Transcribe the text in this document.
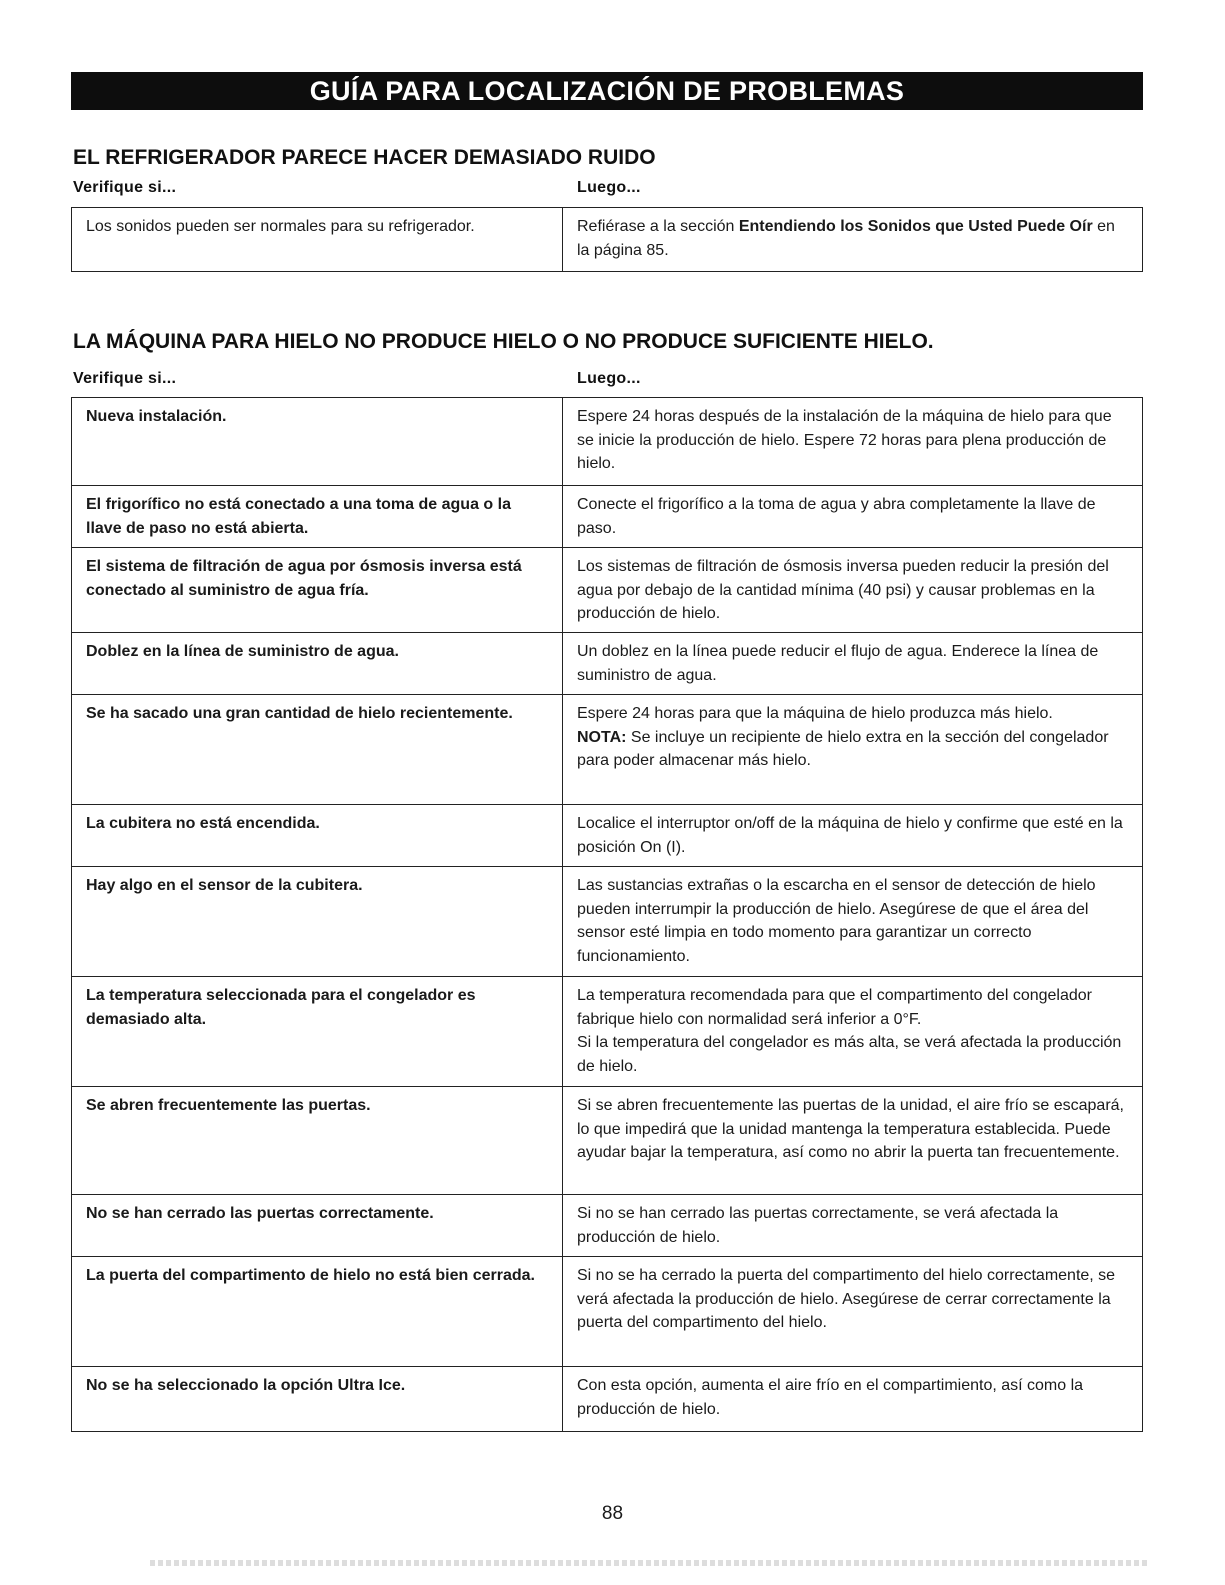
GUÍA PARA LOCALIZACIÓN DE PROBLEMAS
EL REFRIGERADOR PARECE HACER DEMASIADO RUIDO
Verifique si...	Luego...
Los sonidos pueden ser normales para su refrigerador.	Refiérase a la sección Entendiendo los Sonidos que Usted Puede Oír en la página 85.
LA MÁQUINA PARA HIELO NO PRODUCE HIELO O NO PRODUCE SUFICIENTE HIELO.
Verifique si...	Luego...
Nueva instalación.	Espere 24 horas después de la instalación de la máquina de hielo para que se inicie la producción de hielo. Espere 72 horas para plena producción de hielo.
El frigorífico no está conectado a una toma de agua o la llave de paso no está abierta.	Conecte el frigorífico a la toma de agua y abra completamente la llave de paso.
El sistema de filtración de agua por ósmosis inversa está conectado al suministro de agua fría.	Los sistemas de filtración de ósmosis inversa pueden reducir la presión del agua por debajo de la cantidad mínima (40 psi) y causar problemas en la producción de hielo.
Doblez en la línea de suministro de agua.	Un doblez en la línea puede reducir el flujo de agua. Enderece la línea de suministro de agua.
Se ha sacado una gran cantidad de hielo recientemente.	Espere 24 horas para que la máquina de hielo produzca más hielo.
NOTA: Se incluye un recipiente de hielo extra en la sección del congelador para poder almacenar más hielo.

La cubitera no está encendida.	Localice el interruptor on/off de la máquina de hielo y confirme que esté en la posición On (I).
Hay algo en el sensor de la cubitera.	Las sustancias extrañas o la escarcha en el sensor de detección de hielo pueden interrumpir la producción de hielo. Asegúrese de que el área del sensor esté limpia en todo momento para garantizar un correcto funcionamiento.
La temperatura seleccionada para el congelador es demasiado alta.	La temperatura recomendada para que el compartimento del congelador fabrique hielo con normalidad será inferior a 0°F.
Si la temperatura del congelador es más alta, se verá afectada la producción de hielo.

Se abren frecuentemente las puertas.	Si se abren frecuentemente las puertas de la unidad, el aire frío se escapará, lo que impedirá que la unidad mantenga la temperatura establecida. Puede ayudar bajar la temperatura, así como no abrir la puerta tan frecuentemente.
No se han cerrado las puertas correctamente.	Si no se han cerrado las puertas correctamente, se verá afectada la producción de hielo.
La puerta del compartimento de hielo no está bien cerrada.	Si no se ha cerrado la puerta del compartimento del hielo correctamente, se verá afectada la producción de hielo. Asegúrese de cerrar correctamente la puerta del compartimento del hielo.
No se ha seleccionado la opción Ultra Ice.	Con esta opción, aumenta el aire frío en el compartimiento, así como la producción de hielo.
88
